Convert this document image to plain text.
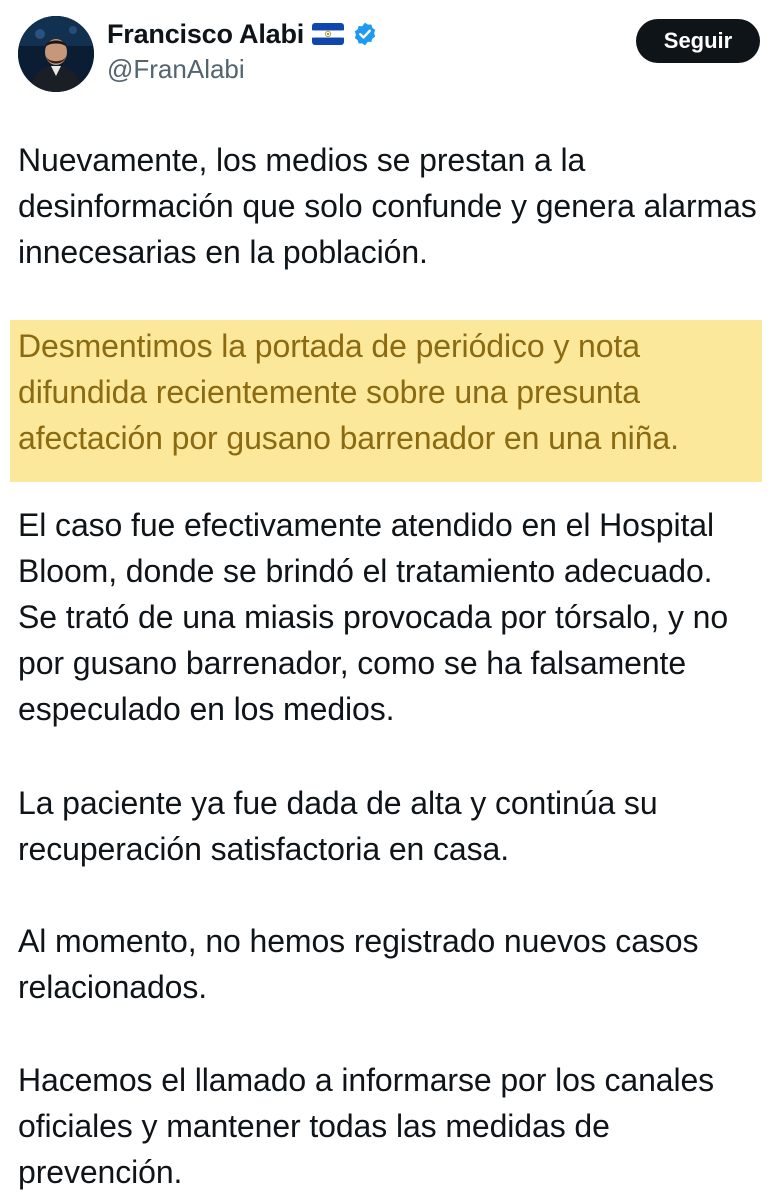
Francisco Alabi
@FranAlabi
Seguir

Nuevamente, los medios se prestan a la desinformación que solo confunde y genera alarmas innecesarias en la población.

Desmentimos la portada de periódico y nota difundida recientemente sobre una presunta afectación por gusano barrenador en una niña.

El caso fue efectivamente atendido en el Hospital Bloom, donde se brindó el tratamiento adecuado. Se trató de una miasis provocada por tórsalo, y no por gusano barrenador, como se ha falsamente especulado en los medios.

La paciente ya fue dada de alta y continúa su recuperación satisfactoria en casa.

Al momento, no hemos registrado nuevos casos relacionados.

Hacemos el llamado a informarse por los canales oficiales y mantener todas las medidas de prevención.
